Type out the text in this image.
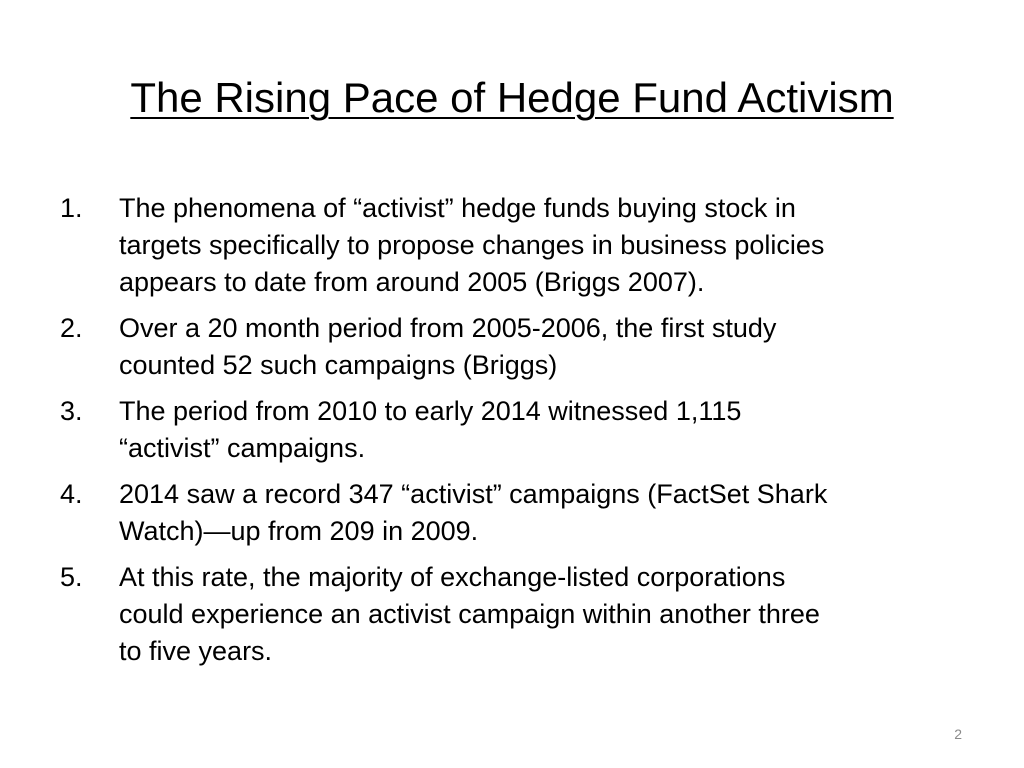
The Rising Pace of Hedge Fund Activism
1.	The phenomena of “activist” hedge funds buying stock in
targets specifically to propose changes in business policies
appears to date from around 2005 (Briggs 2007).
2.	Over a 20 month period from 2005-2006, the first study
counted 52 such campaigns (Briggs)
3.	The period from 2010 to early 2014 witnessed 1,115
“activist” campaigns.
4.	2014 saw a record 347 “activist” campaigns (FactSet Shark
Watch)—up from 209 in 2009.
5.	At this rate, the majority of exchange-listed corporations
could experience an activist campaign within another three
to five years.
2
